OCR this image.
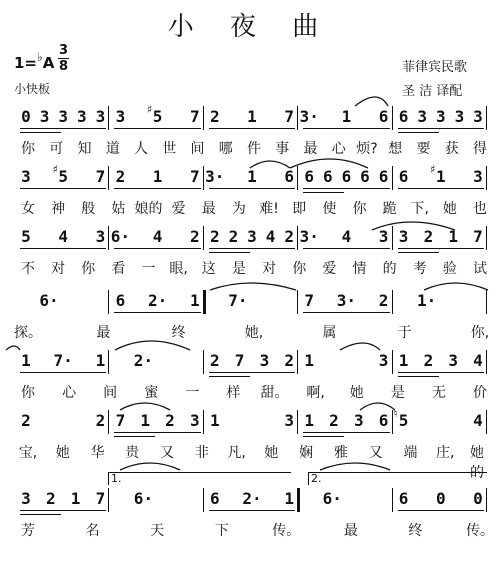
小 夜 曲
1=♭A
3
8
小快板
菲律宾民歌
圣 洁 译配
0 3 3 3 3 3 5
♯ 7 2 1 7 3· 1 6 6 3 3 3 3
你 可 知 道 人 世 间 哪 件 事 最 心 烦? 想 要 获 得
3 5
♯ 7 2 1 7 3· 1 6 6 6 6 6 6 6 1
♯ 3
女 神 般 姑 娘的 爱 最 为 难! 即 使 你 跪 下, 她 也
5 4 3 6· 4 2 2 2 3 4 2 3· 4 3 3 2 1 7
不 对 你 看 一 眼, 这 是 对 你 爱 情 的 考 验 试
6·	6 2· 1 7·	7 3· 2 1·
探。	最	终	她,	属	于	你,
1 7· 1 2·	2 7 3 2 1	3 1 2 3 4
你 心 间 蜜 一 样 甜。 啊, 她 是 无 价
2	2 7 1 2 3 1	3 1 2 3 6 5
♮	4
宝, 她 华 贵 又 非 凡, 她 娴 雅 又 端 庄, 她的
3 2 1 7 6·	6 2· 1 6·	6 0 0
芳	名	天	下	传。	最	终	传。
1.	2.
